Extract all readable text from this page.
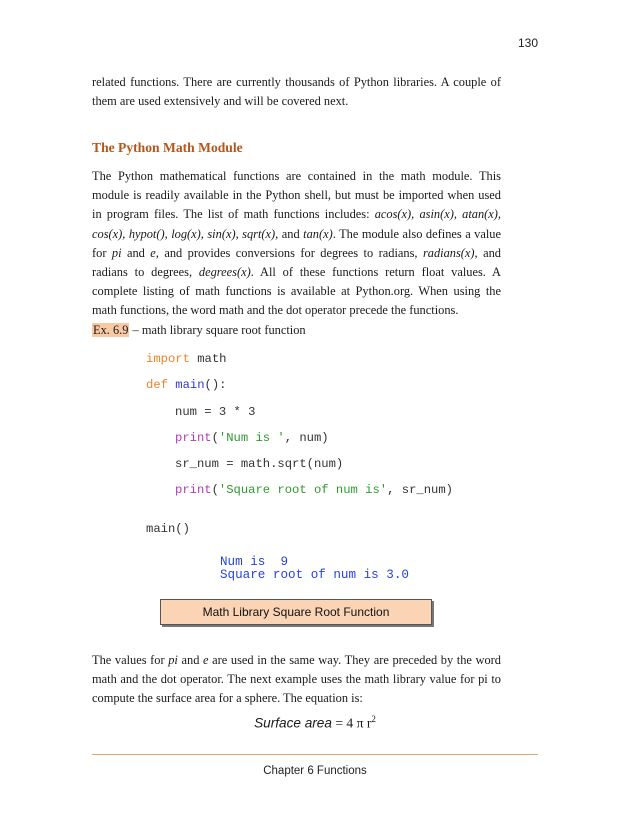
130
related functions. There are currently thousands of Python libraries. A couple of them are used extensively and will be covered next.
The Python Math Module
The Python mathematical functions are contained in the math module. This module is readily available in the Python shell, but must be imported when used in program files. The list of math functions includes: acos(x), asin(x), atan(x), cos(x), hypot(), log(x), sin(x), sqrt(x), and tan(x). The module also defines a value for pi and e, and provides conversions for degrees to radians, radians(x), and radians to degrees, degrees(x). All of these functions return float values. A complete listing of math functions is available at Python.org. When using the math functions, the word math and the dot operator precede the functions.
Ex. 6.9 – math library square root function
import math
def main():
num = 3 * 3
print('Num is ', num)
sr_num = math.sqrt(num)
print('Square root of num is', sr_num)
main()
Num is  9
Square root of num is 3.0
Math Library Square Root Function
The values for pi and e are used in the same way. They are preceded by the word math and the dot operator. The next example uses the math library value for pi to compute the surface area for a sphere. The equation is:
Surface area = 4 π $r^2$
Chapter 6 Functions
